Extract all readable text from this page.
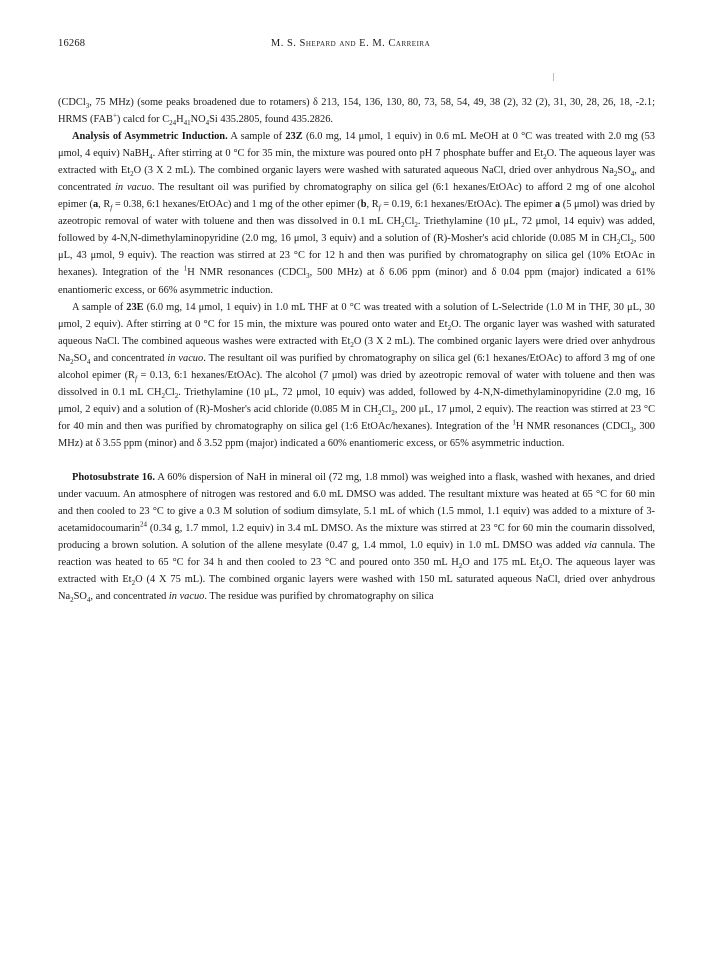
16268	M. S. Shepard and E. M. Carreira

(CDCl$_3$, 75 MHz) (some peaks broadened due to rotamers) δ 213, 154, 136, 130, 80, 73, 58, 54, 49, 38 (2), 32 (2), 31, 30, 28, 26, 18, -2.1; HRMS (FAB+) calcd for $C_{24}H_{41}NO_4Si$ 435.2805, found 435.2826.

Analysis of Asymmetric Induction. A sample of 23Z (6.0 mg, 14 μmol, 1 equiv) in 0.6 mL MeOH at 0 °C was treated with 2.0 mg (53 μmol, 4 equiv) NaBH$_4$. After stirring at 0 °C for 35 min, the mixture was poured onto pH 7 phosphate buffer and $Et_2O$. The aqueous layer was extracted with $Et_2O$ (3 X 2 mL). The combined organic layers were washed with saturated aqueous NaCl, dried over anhydrous $Na_2SO_4$, and concentrated in vacuo. The resultant oil was purified by chromatography on silica gel (6:1 hexanes/EtOAc) to afford 2 mg of one alcohol epimer (a, $R_f = 0.38$, 6:1 hexanes/EtOAc) and 1 mg of the other epimer (b, $R_f = 0.19$, 6:1 hexanes/EtOAc). The epimer a (5 μmol) was dried by azeotropic removal of water with toluene and then was dissolved in 0.1 mL $CH_2Cl_2$. Triethylamine (10 μL, 72 μmol, 14 equiv) was added, followed by 4-N,N-dimethylaminopyridine (2.0 mg, 16 μmol, 3 equiv) and a solution of (R)-Mosher's acid chloride (0.085 M in $CH_2Cl_2$, 500 μL, 43 μmol, 9 equiv). The reaction was stirred at 23 °C for 12 h and then was purified by chromatography on silica gel (10% EtOAc in hexanes). Integration of the $^1$H NMR resonances (CDCl$_3$, 500 MHz) at δ 6.06 ppm (minor) and δ 0.04 ppm (major) indicated a 61% enantiomeric excess, or 66% asymmetric induction.

A sample of 23E (6.0 mg, 14 μmol, 1 equiv) in 1.0 mL THF at 0 °C was treated with a solution of L-Selectride (1.0 M in THF, 30 μL, 30 μmol, 2 equiv). After stirring at 0 °C for 15 min, the mixture was poured onto water and $Et_2O$. The organic layer was washed with saturated aqueous NaCl. The combined aqueous washes were extracted with $Et_2O$ (3 X 2 mL). The combined organic layers were dried over anhydrous $Na_2SO_4$ and concentrated in vacuo. The resultant oil was purified by chromatography on silica gel (6:1 hexanes/EtOAc) to afford 3 mg of one alcohol epimer ($R_f = 0.13$, 6:1 hexanes/EtOAc). The alcohol (7 μmol) was dried by azeotropic removal of water with toluene and then was dissolved in 0.1 mL $CH_2Cl_2$. Triethylamine (10 μL, 72 μmol, 10 equiv) was added, followed by 4-N,N-dimethylaminopyridine (2.0 mg, 16 μmol, 2 equiv) and a solution of (R)-Mosher's acid chloride (0.085 M in $CH_2Cl_2$, 200 μL, 17 μmol, 2 equiv). The reaction was stirred at 23 °C for 40 min and then was purified by chromatography on silica gel (1:6 EtOAc/hexanes). Integration of the $^1$H NMR resonances (CDCl$_3$, 300 MHz) at δ 3.55 ppm (minor) and δ 3.52 ppm (major) indicated a 60% enantiomeric excess, or 65% asymmetric induction.

Photosubstrate 16. A 60% dispersion of NaH in mineral oil (72 mg, 1.8 mmol) was weighed into a flask, washed with hexanes, and dried under vacuum. An atmosphere of nitrogen was restored and 6.0 mL DMSO was added. The resultant mixture was heated at 65 °C for 60 min and then cooled to 23 °C to give a 0.3 M solution of sodium dimsylate, 5.1 mL of which (1.5 mmol, 1.1 equiv) was added to a mixture of 3-acetamidocoumarin$^{24}$ (0.34 g, 1.7 mmol, 1.2 equiv) in 3.4 mL DMSO. As the mixture was stirred at 23 °C for 60 min the coumarin dissolved, producing a brown solution. A solution of the allene mesylate (0.47 g, 1.4 mmol, 1.0 equiv) in 1.0 mL DMSO was added via cannula. The reaction was heated to 65 °C for 34 h and then cooled to 23 °C and poured onto 350 mL $H_2O$ and 175 mL $Et_2O$. The aqueous layer was extracted with $Et_2O$ (4 X 75 mL). The combined organic layers were washed with 150 mL saturated aqueous NaCl, dried over anhydrous $Na_2SO_4$, and concentrated in vacuo. The residue was purified by chromatography on silica
